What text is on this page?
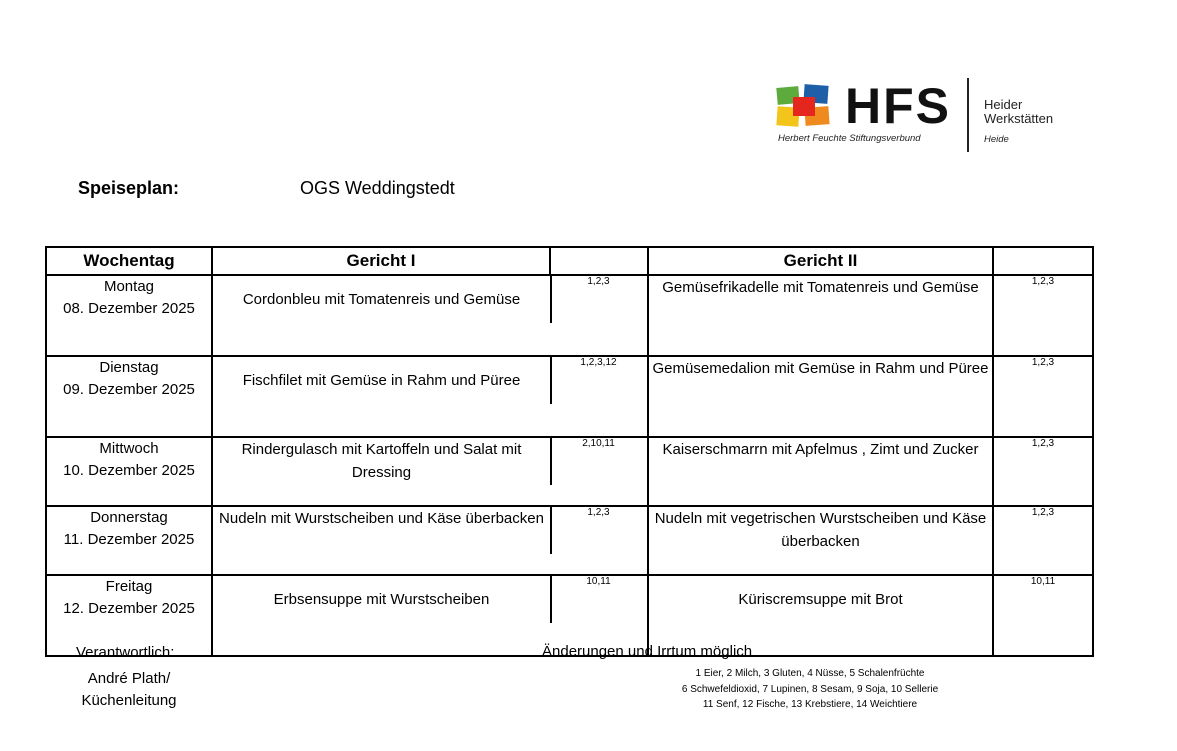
HFS
Herbert Feuchte Stiftungsverbund
Heider
Werkstätten
Heide
Speiseplan:	OGS Weddingstedt
Wochentag	Gericht I		Gericht II	

Montag
08. Dezember 2025	Cordonbleu mit Tomatenreis und Gemüse	1,2,3	Gemüsefrikadelle mit Tomatenreis und Gemüse	1,2,3

Dienstag
09. Dezember 2025	Fischfilet mit Gemüse in Rahm und Püree	1,2,3,12	Gemüsemedalion mit Gemüse in Rahm und Püree	1,2,3

Mittwoch
10. Dezember 2025	Rindergulasch mit Kartoffeln und Salat mit Dressing	2,10,11	Kaiserschmarrn mit Apfelmus , Zimt und Zucker	1,2,3

Donnerstag
11. Dezember 2025	Nudeln mit Wurstscheiben und Käse überbacken	1,2,3	Nudeln mit vegetrischen Wurstscheiben und Käse überbacken	1,2,3

Freitag
12. Dezember 2025	Erbsensuppe mit Wurstscheiben	10,11	Küriscremsuppe mit Brot	10,11
Verantwortlich:
André Plath/
Küchenleitung
Änderungen und Irrtum möglich
1 Eier, 2 Milch, 3 Gluten, 4 Nüsse, 5 Schalenfrüchte
6 Schwefeldioxid, 7 Lupinen, 8 Sesam, 9 Soja, 10 Sellerie
11 Senf, 12 Fische, 13 Krebstiere, 14 Weichtiere
